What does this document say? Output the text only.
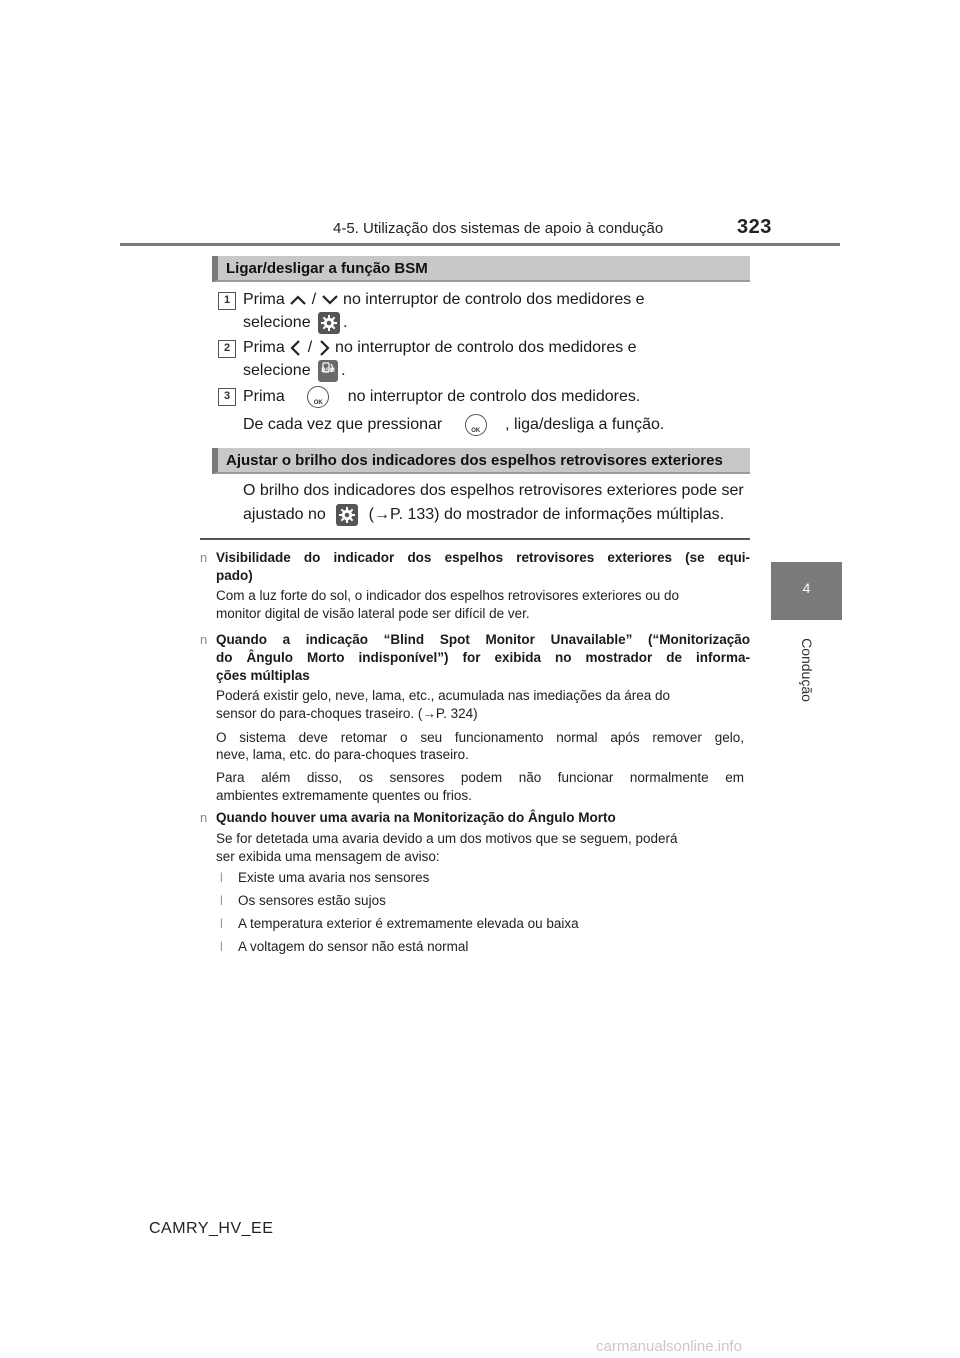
4-5. Utilização dos sistemas de apoio à condução	323
4
Condução
Ligar/desligar a função BSM
1 Prima / no interruptor de controlo dos medidores e
selecione .
2 Prima / no interruptor de controlo dos medidores e
selecione	BSM .
3 Prima	OK	no interruptor de controlo dos medidores.
De cada vez que pressionar	OK	, liga/desliga a função.
Ajustar o brilho dos indicadores dos espelhos retrovisores exteriores
O brilho dos indicadores dos espelhos retrovisores exteriores pode ser
ajustado no	(→P. 133) do mostrador de informações múltiplas.
n Visibilidade do indicador dos espelhos retrovisores exteriores (se equi-
pado)
Com a luz forte do sol, o indicador dos espelhos retrovisores exteriores ou do
monitor digital de visão lateral pode ser difícil de ver.
n Quando a indicação “Blind Spot Monitor Unavailable” (“Monitorização
do Ângulo Morto indisponível”) for exibida no mostrador de informa-
ções múltiplas
Poderá existir gelo, neve, lama, etc., acumulada nas imediações da área do
sensor do para-choques traseiro. (→P. 324)
O sistema deve retomar o seu funcionamento normal após remover gelo,
neve, lama, etc. do para-choques traseiro.
Para além disso, os sensores podem não funcionar normalmente em
ambientes extremamente quentes ou frios.
n Quando houver uma avaria na Monitorização do Ângulo Morto
Se for detetada uma avaria devido a um dos motivos que se seguem, poderá
ser exibida uma mensagem de aviso:
l Existe uma avaria nos sensores
l Os sensores estão sujos
l A temperatura exterior é extremamente elevada ou baixa
l A voltagem do sensor não está normal
CAMRY_HV_EE
carmanualsonline.info
